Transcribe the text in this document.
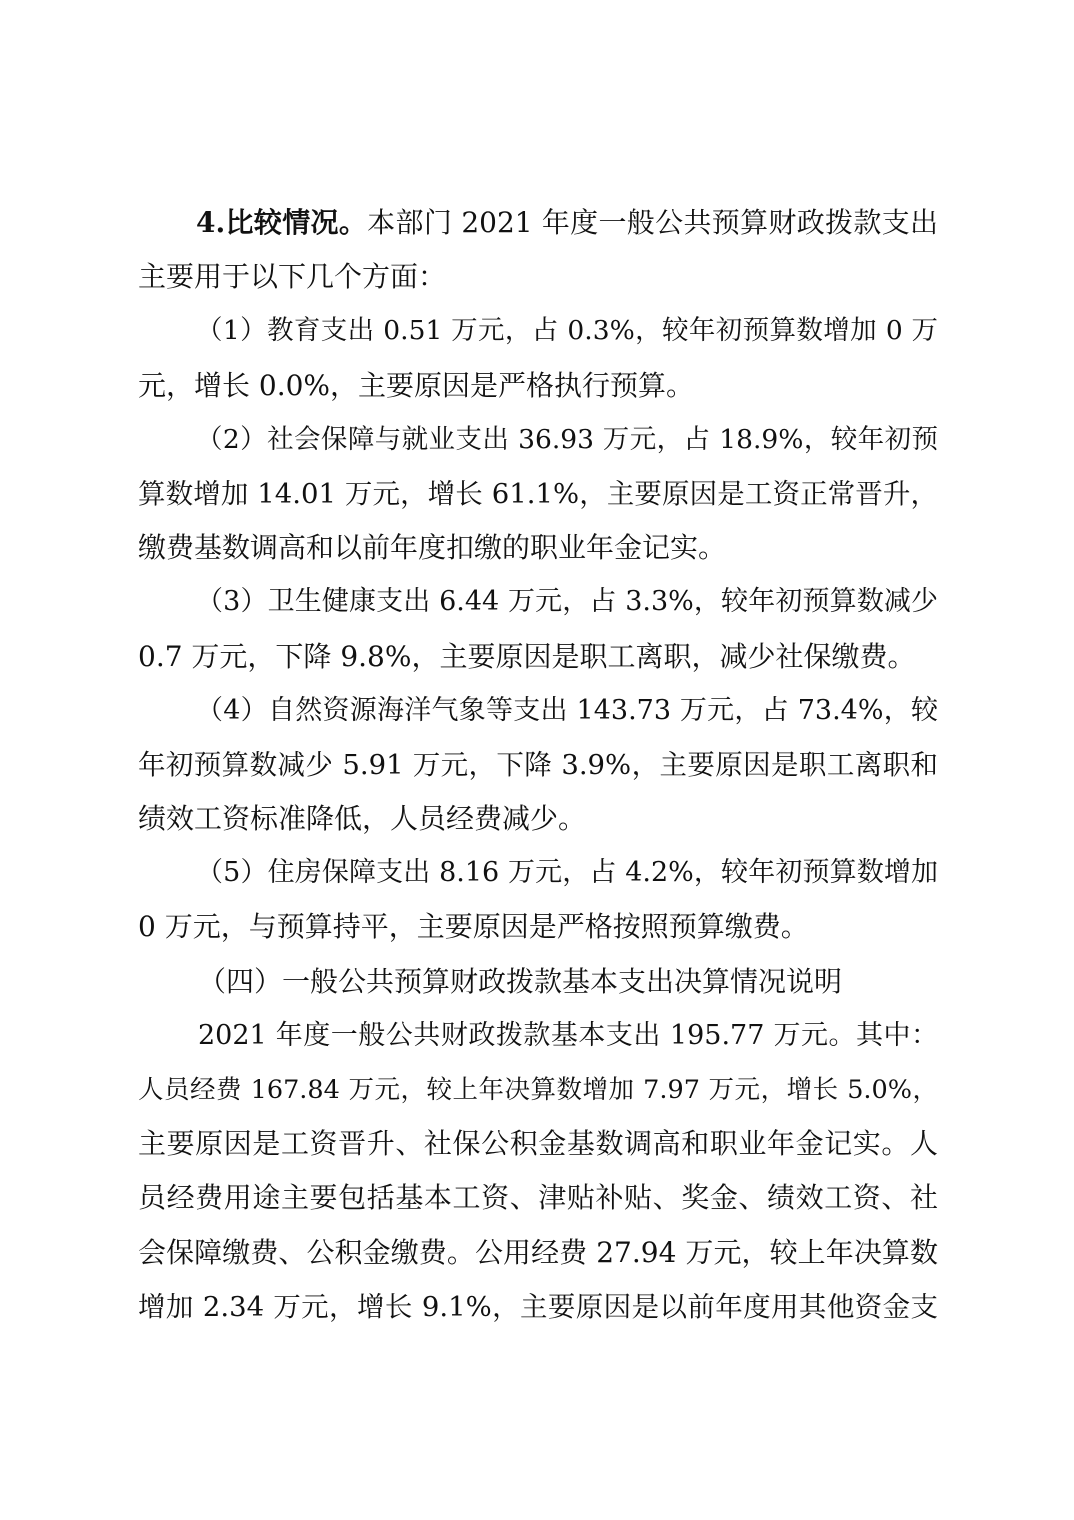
4.比较情况。本部门 2021 年度一般公共预算财政拨款支出
主要用于以下几个方面：
（1）教育支出 0.51 万元，占 0.3%，较年初预算数增加 0 万
元，增长 0.0%，主要原因是严格执行预算。
（2）社会保障与就业支出 36.93 万元，占 18.9%，较年初预
算数增加 14.01 万元，增长 61.1%，主要原因是工资正常晋升，
缴费基数调高和以前年度扣缴的职业年金记实。
（3）卫生健康支出 6.44 万元，占 3.3%，较年初预算数减少
0.7 万元，下降 9.8%，主要原因是职工离职，减少社保缴费。
（4）自然资源海洋气象等支出 143.73 万元，占 73.4%，较
年初预算数减少 5.91 万元，下降 3.9%，主要原因是职工离职和
绩效工资标准降低，人员经费减少。
（5）住房保障支出 8.16 万元，占 4.2%，较年初预算数增加
0 万元，与预算持平，主要原因是严格按照预算缴费。
（四）一般公共预算财政拨款基本支出决算情况说明
2021 年度一般公共财政拨款基本支出 195.77 万元。其中：
人员经费 167.84 万元，较上年决算数增加 7.97 万元，增长 5.0%，
主要原因是工资晋升、社保公积金基数调高和职业年金记实。人
员经费用途主要包括基本工资、津贴补贴、奖金、绩效工资、社
会保障缴费、公积金缴费。公用经费 27.94 万元，较上年决算数
增加 2.34 万元，增长 9.1%，主要原因是以前年度用其他资金支
